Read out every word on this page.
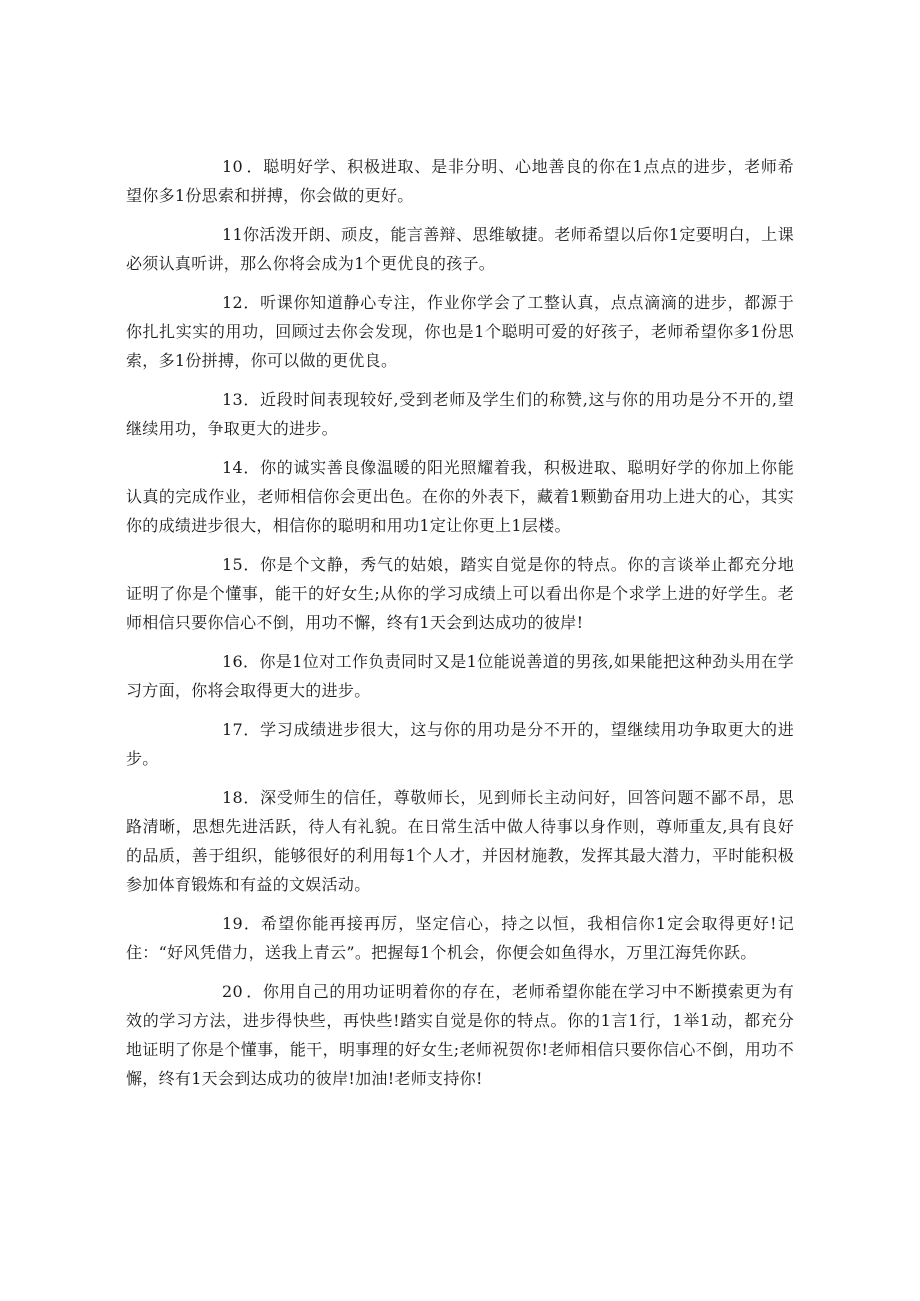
10 ．聪明好学、积极进取、是非分明、心地善良的你在1点点的进步，老师希望你多1份思索和拼搏，你会做的更好。

11你活泼开朗、顽皮，能言善辩、思维敏捷。老师希望以后你1定要明白，上课必须认真听讲，那么你将会成为1个更优良的孩子。

12．听课你知道静心专注，作业你学会了工整认真，点点滴滴的进步，都源于你扎扎实实的用功，回顾过去你会发现，你也是1个聪明可爱的好孩子，老师希望你多1份思索，多1份拼搏，你可以做的更优良。

13．近段时间表现较好,受到老师及学生们的称赞,这与你的用功是分不开的,望继续用功，争取更大的进步。

14．你的诚实善良像温暖的阳光照耀着我，积极进取、聪明好学的你加上你能认真的完成作业，老师相信你会更出色。在你的外表下，藏着1颗勤奋用功上进大的心，其实你的成绩进步很大，相信你的聪明和用功1定让你更上1层楼。

15．你是个文静，秀气的姑娘，踏实自觉是你的特点。你的言谈举止都充分地证明了你是个懂事，能干的好女生;从你的学习成绩上可以看出你是个求学上进的好学生。老师相信只要你信心不倒，用功不懈，终有1天会到达成功的彼岸!

16．你是1位对工作负责同时又是1位能说善道的男孩,如果能把这种劲头用在学习方面，你将会取得更大的进步。

17．学习成绩进步很大，这与你的用功是分不开的，望继续用功争取更大的进步。

18．深受师生的信任，尊敬师长，见到师长主动问好，回答问题不鄙不昂，思路清晰，思想先进活跃，待人有礼貌。在日常生活中做人待事以身作则，尊师重友,具有良好的品质，善于组织，能够很好的利用每1个人才，并因材施教，发挥其最大潜力，平时能积极参加体育锻炼和有益的文娱活动。

19．希望你能再接再厉，坚定信心，持之以恒，我相信你1定会取得更好!记住：“好风凭借力，送我上青云”。把握每1个机会，你便会如鱼得水，万里江海凭你跃。

20 ．你用自己的用功证明着你的存在，老师希望你能在学习中不断摸索更为有效的学习方法，进步得快些，再快些!踏实自觉是你的特点。你的1言1行，1举1动，都充分地证明了你是个懂事，能干，明事理的好女生;老师祝贺你!老师相信只要你信心不倒，用功不懈，终有1天会到达成功的彼岸!加油!老师支持你!
